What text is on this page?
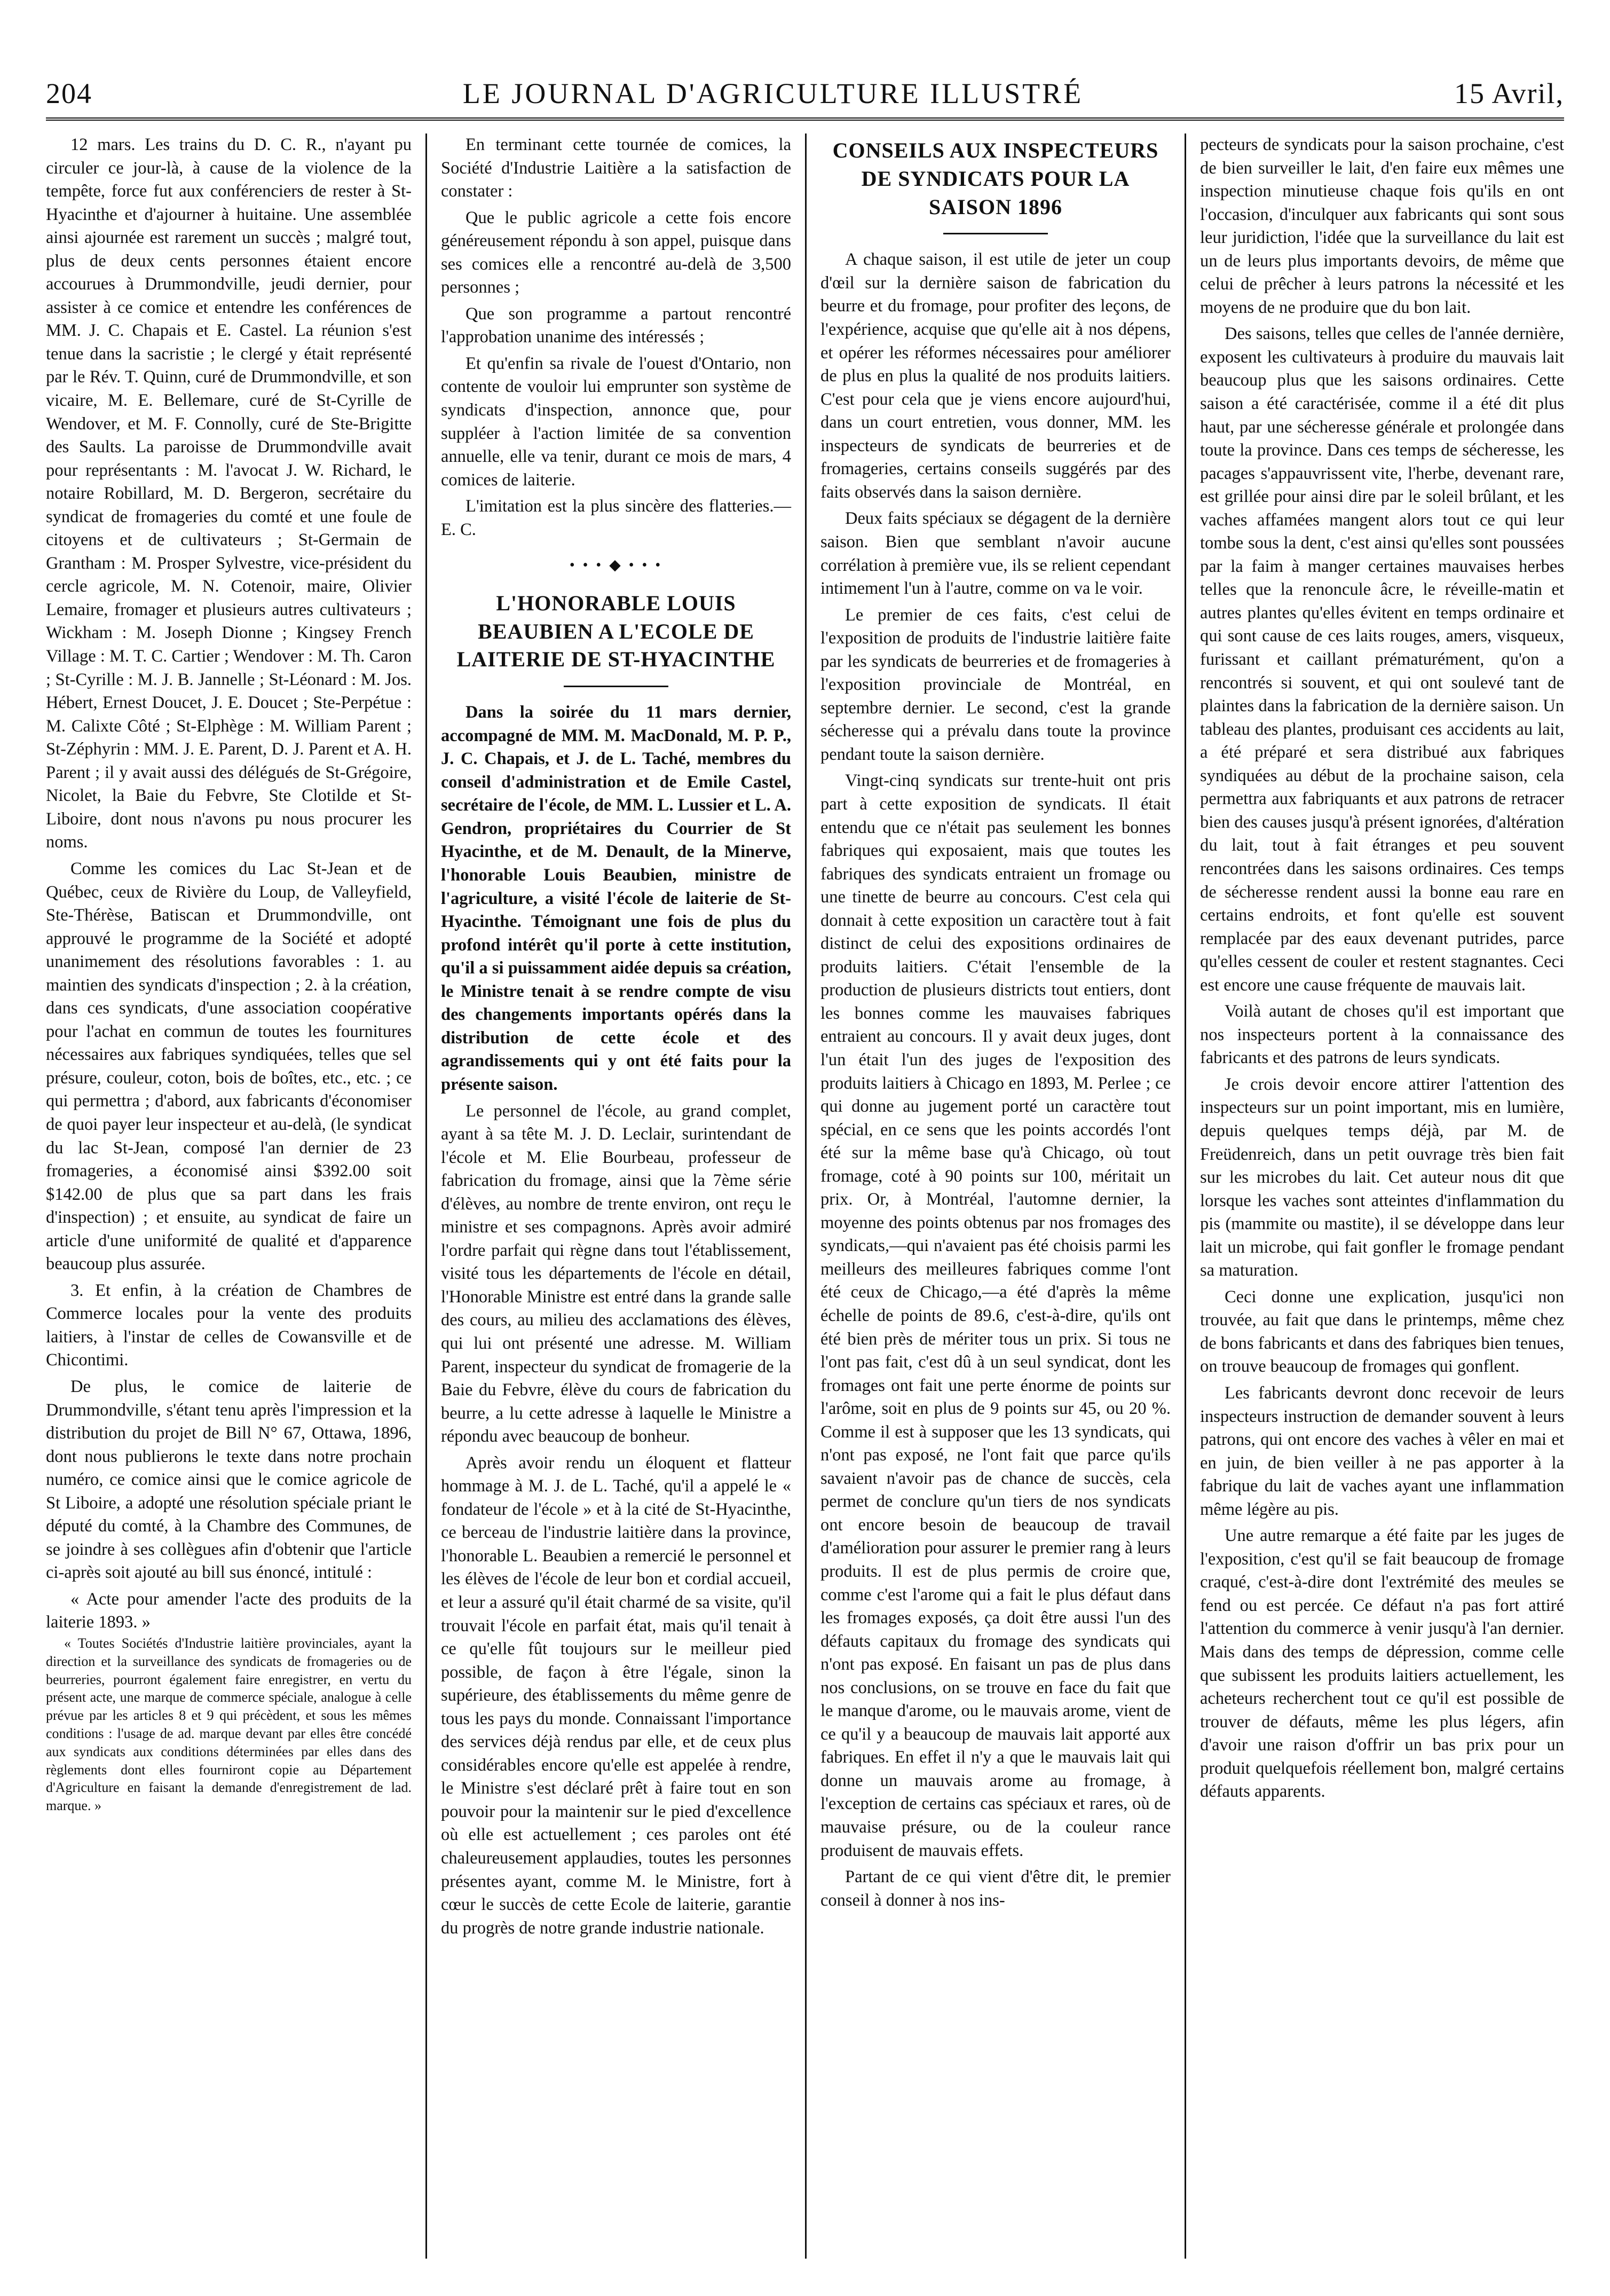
204	LE JOURNAL D'AGRICULTURE ILLUSTRÉ	15 Avril,

12 mars. Les trains du D. C. R., n'ayant pu circuler ce jour-là, à cause de la violence de la tempête, force fut aux conférenciers de rester à St-Hyacinthe et d'ajourner à huitaine. Une assemblée ainsi ajournée est rarement un succès ; malgré tout, plus de deux cents personnes étaient encore accourues à Drummondville, jeudi dernier, pour assister à ce comice et entendre les conférences de MM. J. C. Chapais et E. Castel. La réunion s'est tenue dans la sacristie ; le clergé y était représenté par le Rév. T. Quinn, curé de Drummondville, et son vicaire, M. E. Bellemare, curé de St-Cyrille de Wendover, et M. F. Connolly, curé de Ste-Brigitte des Saults. La paroisse de Drummondville avait pour représentants : M. l'avocat J. W. Richard, le notaire Robillard, M. D. Bergeron, secrétaire du syndicat de fromageries du comté et une foule de citoyens et de cultivateurs ; St-Germain de Grantham : M. Prosper Sylvestre, vice-président du cercle agricole, M. N. Cotenoir, maire, Olivier Lemaire, fromager et plusieurs autres cultivateurs ; Wickham : M. Joseph Dionne ; Kingsey French Village : M. T. C. Cartier ; Wendover : M. Th. Caron ; St-Cyrille : M. J. B. Jannelle ; St-Léonard : M. Jos. Hébert, Ernest Doucet, J. E. Doucet ; Ste-Perpétue : M. Calixte Côté ; St-Elphège : M. William Parent ; St-Zéphyrin : MM. J. E. Parent, D. J. Parent et A. H. Parent ; il y avait aussi des délégués de St-Grégoire, Nicolet, la Baie du Febvre, Ste Clotilde et St-Liboire, dont nous n'avons pu nous procurer les noms.

Comme les comices du Lac St-Jean et de Québec, ceux de Rivière du Loup, de Valleyfield, Ste-Thérèse, Batiscan et Drummondville, ont approuvé le programme de la Société et adopté unanimement des résolutions favorables : 1. au maintien des syndicats d'inspection ; 2. à la création, dans ces syndicats, d'une association coopérative pour l'achat en commun de toutes les fournitures nécessaires aux fabriques syndiquées, telles que sel présure, couleur, coton, bois de boîtes, etc., etc. ; ce qui permettra ; d'abord, aux fabricants d'économiser de quoi payer leur inspecteur et au-delà, (le syndicat du lac St-Jean, composé l'an dernier de 23 fromageries, a économisé ainsi $392.00 soit $142.00 de plus que sa part dans les frais d'inspection) ; et ensuite, au syndicat de faire un article d'une uniformité de qualité et d'apparence beaucoup plus assurée.

3. Et enfin, à la création de Chambres de Commerce locales pour la vente des produits laitiers, à l'instar de celles de Cowansville et de Chicontimi.

De plus, le comice de laiterie de Drummondville, s'étant tenu après l'impression et la distribution du projet de Bill N° 67, Ottawa, 1896, dont nous publierons le texte dans notre prochain numéro, ce comice ainsi que le comice agricole de St Liboire, a adopté une résolution spéciale priant le député du comté, à la Chambre des Communes, de se joindre à ses collègues afin d'obtenir que l'article ci-après soit ajouté au bill sus énoncé, intitulé :

« Acte pour amender l'acte des produits de la laiterie 1893. »

« Toutes Sociétés d'Industrie laitière provinciales, ayant la direction et la surveillance des syndicats de fromageries ou de beurreries, pourront également faire enregistrer, en vertu du présent acte, une marque de commerce spéciale, analogue à celle prévue par les articles 8 et 9 qui précèdent, et sous les mêmes conditions : l'usage de ad. marque devant par elles être concédé aux syndicats aux conditions déterminées par elles dans des règlements dont elles fourniront copie au Département d'Agriculture en faisant la demande d'enregistrement de lad. marque. »

En terminant cette tournée de comices, la Société d'Industrie Laitière a la satisfaction de constater :

Que le public agricole a cette fois encore généreusement répondu à son appel, puisque dans ses comices elle a rencontré au-delà de 3,500 personnes ;

Que son programme a partout rencontré l'approbation unanime des intéressés ;

Et qu'enfin sa rivale de l'ouest d'Ontario, non contente de vouloir lui emprunter son système de syndicats d'inspection, annonce que, pour suppléer à l'action limitée de sa convention annuelle, elle va tenir, durant ce mois de mars, 4 comices de laiterie.

L'imitation est la plus sincère des flatteries.—E. C.

• • • ◆ • • •
L'HONORABLE LOUIS BEAUBIEN A L'ECOLE DE LAITERIE DE ST-HYACINTHE

Dans la soirée du 11 mars dernier, accompagné de MM. M. MacDonald, M. P. P., J. C. Chapais, et J. de L. Taché, membres du conseil d'administration et de Emile Castel, secrétaire de l'école, de MM. L. Lussier et L. A. Gendron, propriétaires du Courrier de St Hyacinthe, et de M. Denault, de la Minerve, l'honorable Louis Beaubien, ministre de l'agriculture, a visité l'école de laiterie de St-Hyacinthe. Témoignant une fois de plus du profond intérêt qu'il porte à cette institution, qu'il a si puissamment aidée depuis sa création, le Ministre tenait à se rendre compte de visu des changements importants opérés dans la distribution de cette école et des agrandissements qui y ont été faits pour la présente saison.

Le personnel de l'école, au grand complet, ayant à sa tête M. J. D. Leclair, surintendant de l'école et M. Elie Bourbeau, professeur de fabrication du fromage, ainsi que la 7ème série d'élèves, au nombre de trente environ, ont reçu le ministre et ses compagnons. Après avoir admiré l'ordre parfait qui règne dans tout l'établissement, visité tous les départements de l'école en détail, l'Honorable Ministre est entré dans la grande salle des cours, au milieu des acclamations des élèves, qui lui ont présenté une adresse. M. William Parent, inspecteur du syndicat de fromagerie de la Baie du Febvre, élève du cours de fabrication du beurre, a lu cette adresse à laquelle le Ministre a répondu avec beaucoup de bonheur.

Après avoir rendu un éloquent et flatteur hommage à M. J. de L. Taché, qu'il a appelé le « fondateur de l'école » et à la cité de St-Hyacinthe, ce berceau de l'industrie laitière dans la province, l'honorable L. Beaubien a remercié le personnel et les élèves de l'école de leur bon et cordial accueil, et leur a assuré qu'il était charmé de sa visite, qu'il trouvait l'école en parfait état, mais qu'il tenait à ce qu'elle fût toujours sur le meilleur pied possible, de façon à être l'égale, sinon la supérieure, des établissements du même genre de tous les pays du monde. Connaissant l'importance des services déjà rendus par elle, et de ceux plus considérables encore qu'elle est appelée à rendre, le Ministre s'est déclaré prêt à faire tout en son pouvoir pour la maintenir sur le pied d'excellence où elle est actuellement ; ces paroles ont été chaleureusement applaudies, toutes les personnes présentes ayant, comme M. le Ministre, fort à cœur le succès de cette Ecole de laiterie, garantie du progrès de notre grande industrie nationale.

CONSEILS AUX INSPECTEURS DE SYNDICATS POUR LA SAISON 1896

A chaque saison, il est utile de jeter un coup d'œil sur la dernière saison de fabrication du beurre et du fromage, pour profiter des leçons, de l'expérience, acquise que qu'elle ait à nos dépens, et opérer les réformes nécessaires pour améliorer de plus en plus la qualité de nos produits laitiers. C'est pour cela que je viens encore aujourd'hui, dans un court entretien, vous donner, MM. les inspecteurs de syndicats de beurreries et de fromageries, certains conseils suggérés par des faits observés dans la saison dernière.

Deux faits spéciaux se dégagent de la dernière saison. Bien que semblant n'avoir aucune corrélation à première vue, ils se relient cependant intimement l'un à l'autre, comme on va le voir.

Le premier de ces faits, c'est celui de l'exposition de produits de l'industrie laitière faite par les syndicats de beurreries et de fromageries à l'exposition provinciale de Montréal, en septembre dernier. Le second, c'est la grande sécheresse qui a prévalu dans toute la province pendant toute la saison dernière.

Vingt-cinq syndicats sur trente-huit ont pris part à cette exposition de syndicats. Il était entendu que ce n'était pas seulement les bonnes fabriques qui exposaient, mais que toutes les fabriques des syndicats entraient un fromage ou une tinette de beurre au concours. C'est cela qui donnait à cette exposition un caractère tout à fait distinct de celui des expositions ordinaires de produits laitiers. C'était l'ensemble de la production de plusieurs districts tout entiers, dont les bonnes comme les mauvaises fabriques entraient au concours. Il y avait deux juges, dont l'un était l'un des juges de l'exposition des produits laitiers à Chicago en 1893, M. Perlee ; ce qui donne au jugement porté un caractère tout spécial, en ce sens que les points accordés l'ont été sur la même base qu'à Chicago, où tout fromage, coté à 90 points sur 100, méritait un prix. Or, à Montréal, l'automne dernier, la moyenne des points obtenus par nos fromages des syndicats,—qui n'avaient pas été choisis parmi les meilleurs des meilleures fabriques comme l'ont été ceux de Chicago,—a été d'après la même échelle de points de 89.6, c'est-à-dire, qu'ils ont été bien près de mériter tous un prix. Si tous ne l'ont pas fait, c'est dû à un seul syndicat, dont les fromages ont fait une perte énorme de points sur l'arôme, soit en plus de 9 points sur 45, ou 20 %. Comme il est à supposer que les 13 syndicats, qui n'ont pas exposé, ne l'ont fait que parce qu'ils savaient n'avoir pas de chance de succès, cela permet de conclure qu'un tiers de nos syndicats ont encore besoin de beaucoup de travail d'amélioration pour assurer le premier rang à leurs produits. Il est de plus permis de croire que, comme c'est l'arome qui a fait le plus défaut dans les fromages exposés, ça doit être aussi l'un des défauts capitaux du fromage des syndicats qui n'ont pas exposé. En faisant un pas de plus dans nos conclusions, on se trouve en face du fait que le manque d'arome, ou le mauvais arome, vient de ce qu'il y a beaucoup de mauvais lait apporté aux fabriques. En effet il n'y a que le mauvais lait qui donne un mauvais arome au fromage, à l'exception de certains cas spéciaux et rares, où de mauvaise présure, ou de la couleur rance produisent de mauvais effets.

Partant de ce qui vient d'être dit, le premier conseil à donner à nos ins-

pecteurs de syndicats pour la saison prochaine, c'est de bien surveiller le lait, d'en faire eux mêmes une inspection minutieuse chaque fois qu'ils en ont l'occasion, d'inculquer aux fabricants qui sont sous leur juridiction, l'idée que la surveillance du lait est un de leurs plus importants devoirs, de même que celui de prêcher à leurs patrons la nécessité et les moyens de ne produire que du bon lait.

Des saisons, telles que celles de l'année dernière, exposent les cultivateurs à produire du mauvais lait beaucoup plus que les saisons ordinaires. Cette saison a été caractérisée, comme il a été dit plus haut, par une sécheresse générale et prolongée dans toute la province. Dans ces temps de sécheresse, les pacages s'appauvrissent vite, l'herbe, devenant rare, est grillée pour ainsi dire par le soleil brûlant, et les vaches affamées mangent alors tout ce qui leur tombe sous la dent, c'est ainsi qu'elles sont poussées par la faim à manger certaines mauvaises herbes telles que la renoncule âcre, le réveille-matin et autres plantes qu'elles évitent en temps ordinaire et qui sont cause de ces laits rouges, amers, visqueux, furissant et caillant prématurément, qu'on a rencontrés si souvent, et qui ont soulevé tant de plaintes dans la fabrication de la dernière saison. Un tableau des plantes, produisant ces accidents au lait, a été préparé et sera distribué aux fabriques syndiquées au début de la prochaine saison, cela permettra aux fabriquants et aux patrons de retracer bien des causes jusqu'à présent ignorées, d'altération du lait, tout à fait étranges et peu souvent rencontrées dans les saisons ordinaires. Ces temps de sécheresse rendent aussi la bonne eau rare en certains endroits, et font qu'elle est souvent remplacée par des eaux devenant putrides, parce qu'elles cessent de couler et restent stagnantes. Ceci est encore une cause fréquente de mauvais lait.

Voilà autant de choses qu'il est important que nos inspecteurs portent à la connaissance des fabricants et des patrons de leurs syndicats.

Je crois devoir encore attirer l'attention des inspecteurs sur un point important, mis en lumière, depuis quelques temps déjà, par M. de Freüdenreich, dans un petit ouvrage très bien fait sur les microbes du lait. Cet auteur nous dit que lorsque les vaches sont atteintes d'inflammation du pis (mammite ou mastite), il se développe dans leur lait un microbe, qui fait gonfler le fromage pendant sa maturation.

Ceci donne une explication, jusqu'ici non trouvée, au fait que dans le printemps, même chez de bons fabricants et dans des fabriques bien tenues, on trouve beaucoup de fromages qui gonflent.

Les fabricants devront donc recevoir de leurs inspecteurs instruction de demander souvent à leurs patrons, qui ont encore des vaches à vêler en mai et en juin, de bien veiller à ne pas apporter à la fabrique du lait de vaches ayant une inflammation même légère au pis.

Une autre remarque a été faite par les juges de l'exposition, c'est qu'il se fait beaucoup de fromage craqué, c'est-à-dire dont l'extrémité des meules se fend ou est percée. Ce défaut n'a pas fort attiré l'attention du commerce à venir jusqu'à l'an dernier. Mais dans des temps de dépression, comme celle que subissent les produits laitiers actuellement, les acheteurs recherchent tout ce qu'il est possible de trouver de défauts, même les plus légers, afin d'avoir une raison d'offrir un bas prix pour un produit quelquefois réellement bon, malgré certains défauts apparents.
